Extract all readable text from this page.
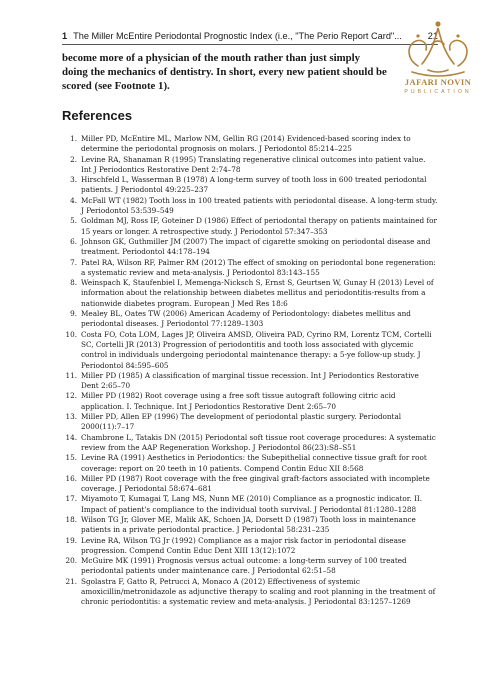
1 The Miller McEntire Periodontal Prognostic Index (i.e., "The Perio Report Card"...	21
JAFARI NOVIN
PUBLICATION
become more of a physician of the mouth rather than just simply doing the mechanics of dentistry. In short, every new patient should be scored (see Footnote 1).
References
1. Miller PD, McEntire ML, Marlow NM, Gellin RG (2014) Evidenced-based scoring index to determine the periodontal prognosis on molars. J Periodontol 85:214–225
2. Levine RA, Shanaman R (1995) Translating regenerative clinical outcomes into patient value. Int J Periodontics Restorative Dent 2:74–78
3. Hirschfeld L, Wasserman B (1978) A long-term survey of tooth loss in 600 treated periodontal patients. J Periodontol 49:225–237
4. McFall WT (1982) Tooth loss in 100 treated patients with periodontal disease. A long-term study. J Periodontol 53:539–549
5. Goldman MJ, Ross IF, Goteiner D (1986) Effect of periodontal therapy on patients maintained for 15 years or longer. A retrospective study. J Periodontol 57:347–353
6. Johnson GK, Guthmiller JM (2007) The impact of cigarette smoking on periodontal disease and treatment. Periodontol 44:178–194
7. Patel RA, Wilson RF, Palmer RM (2012) The effect of smoking on periodontal bone regeneration: a systematic review and meta-analysis. J Periodontol 83:143–155
8. Weinspach K, Staufenbiel I, Memenga-Nicksch S, Ernst S, Geurtsen W, Gunay H (2013) Level of information about the relationship between diabetes mellitus and periodontitis-results from a nationwide diabetes program. European J Med Res 18:6
9. Mealey BL, Oates TW (2006) American Academy of Periodontology: diabetes mellitus and periodontal diseases. J Periodontol 77:1289–1303
10. Costa FO, Cota LOM, Lages JP, Oliveira AMSD, Oliveira PAD, Cyrino RM, Lorentz TCM, Cortelli SC, Cortelli JR (2013) Progression of periodontitis and tooth loss associated with glycemic control in individuals undergoing periodontal maintenance therapy: a 5-ye follow-up study. J Periodontol 84:595–605
11. Miller PD (1985) A classification of marginal tissue recession. Int J Periodontics Restorative Dent 2:65–70
12. Miller PD (1982) Root coverage using a free soft tissue autograft following citric acid application. I. Technique. Int J Periodontics Restorative Dent 2:65–70
13. Miller PD, Allen EP (1996) The development of periodontal plastic surgery. Periodontal 2000(11):7–17
14. Chambrone L, Tatakis DN (2015) Periodontal soft tissue root coverage procedures: A systematic review from the AAP Regeneration Workshop. J Periodontol 86(23):S8–S51
15. Levine RA (1991) Aesthetics in Periodontics: the Subepithelial connective tissue graft for root coverage: report on 20 teeth in 10 patients. Compend Contin Educ XII 8:568
16. Miller PD (1987) Root coverage with the free gingival graft-factors associated with incomplete coverage. J Periodontal 58:674–681
17. Miyamoto T, Kumagai T, Lang MS, Nunn ME (2010) Compliance as a prognostic indicator. II. Impact of patient's compliance to the individual tooth survival. J Periodontal 81:1280–1288
18. Wilson TG Jr, Glover ME, Malik AK, Schoen JA, Dorsett D (1987) Tooth loss in maintenance patients in a private periodontal practice. J Periodontal 58:231–235
19. Levine RA, Wilson TG Jr (1992) Compliance as a major risk factor in periodontal disease progression. Compend Contin Educ Dent XIII 13(12):1072
20. McGuire MK (1991) Prognosis versus actual outcome: a long-term survey of 100 treated periodontal patients under maintenance care. J Periodontal 62:51–58
21. Sgolastra F, Gatto R, Petrucci A, Monaco A (2012) Effectiveness of systemic amoxicillin/metronidazole as adjunctive therapy to scaling and root planning in the treatment of chronic periodontitis: a systematic review and meta-analysis. J Periodontal 83:1257–1269
